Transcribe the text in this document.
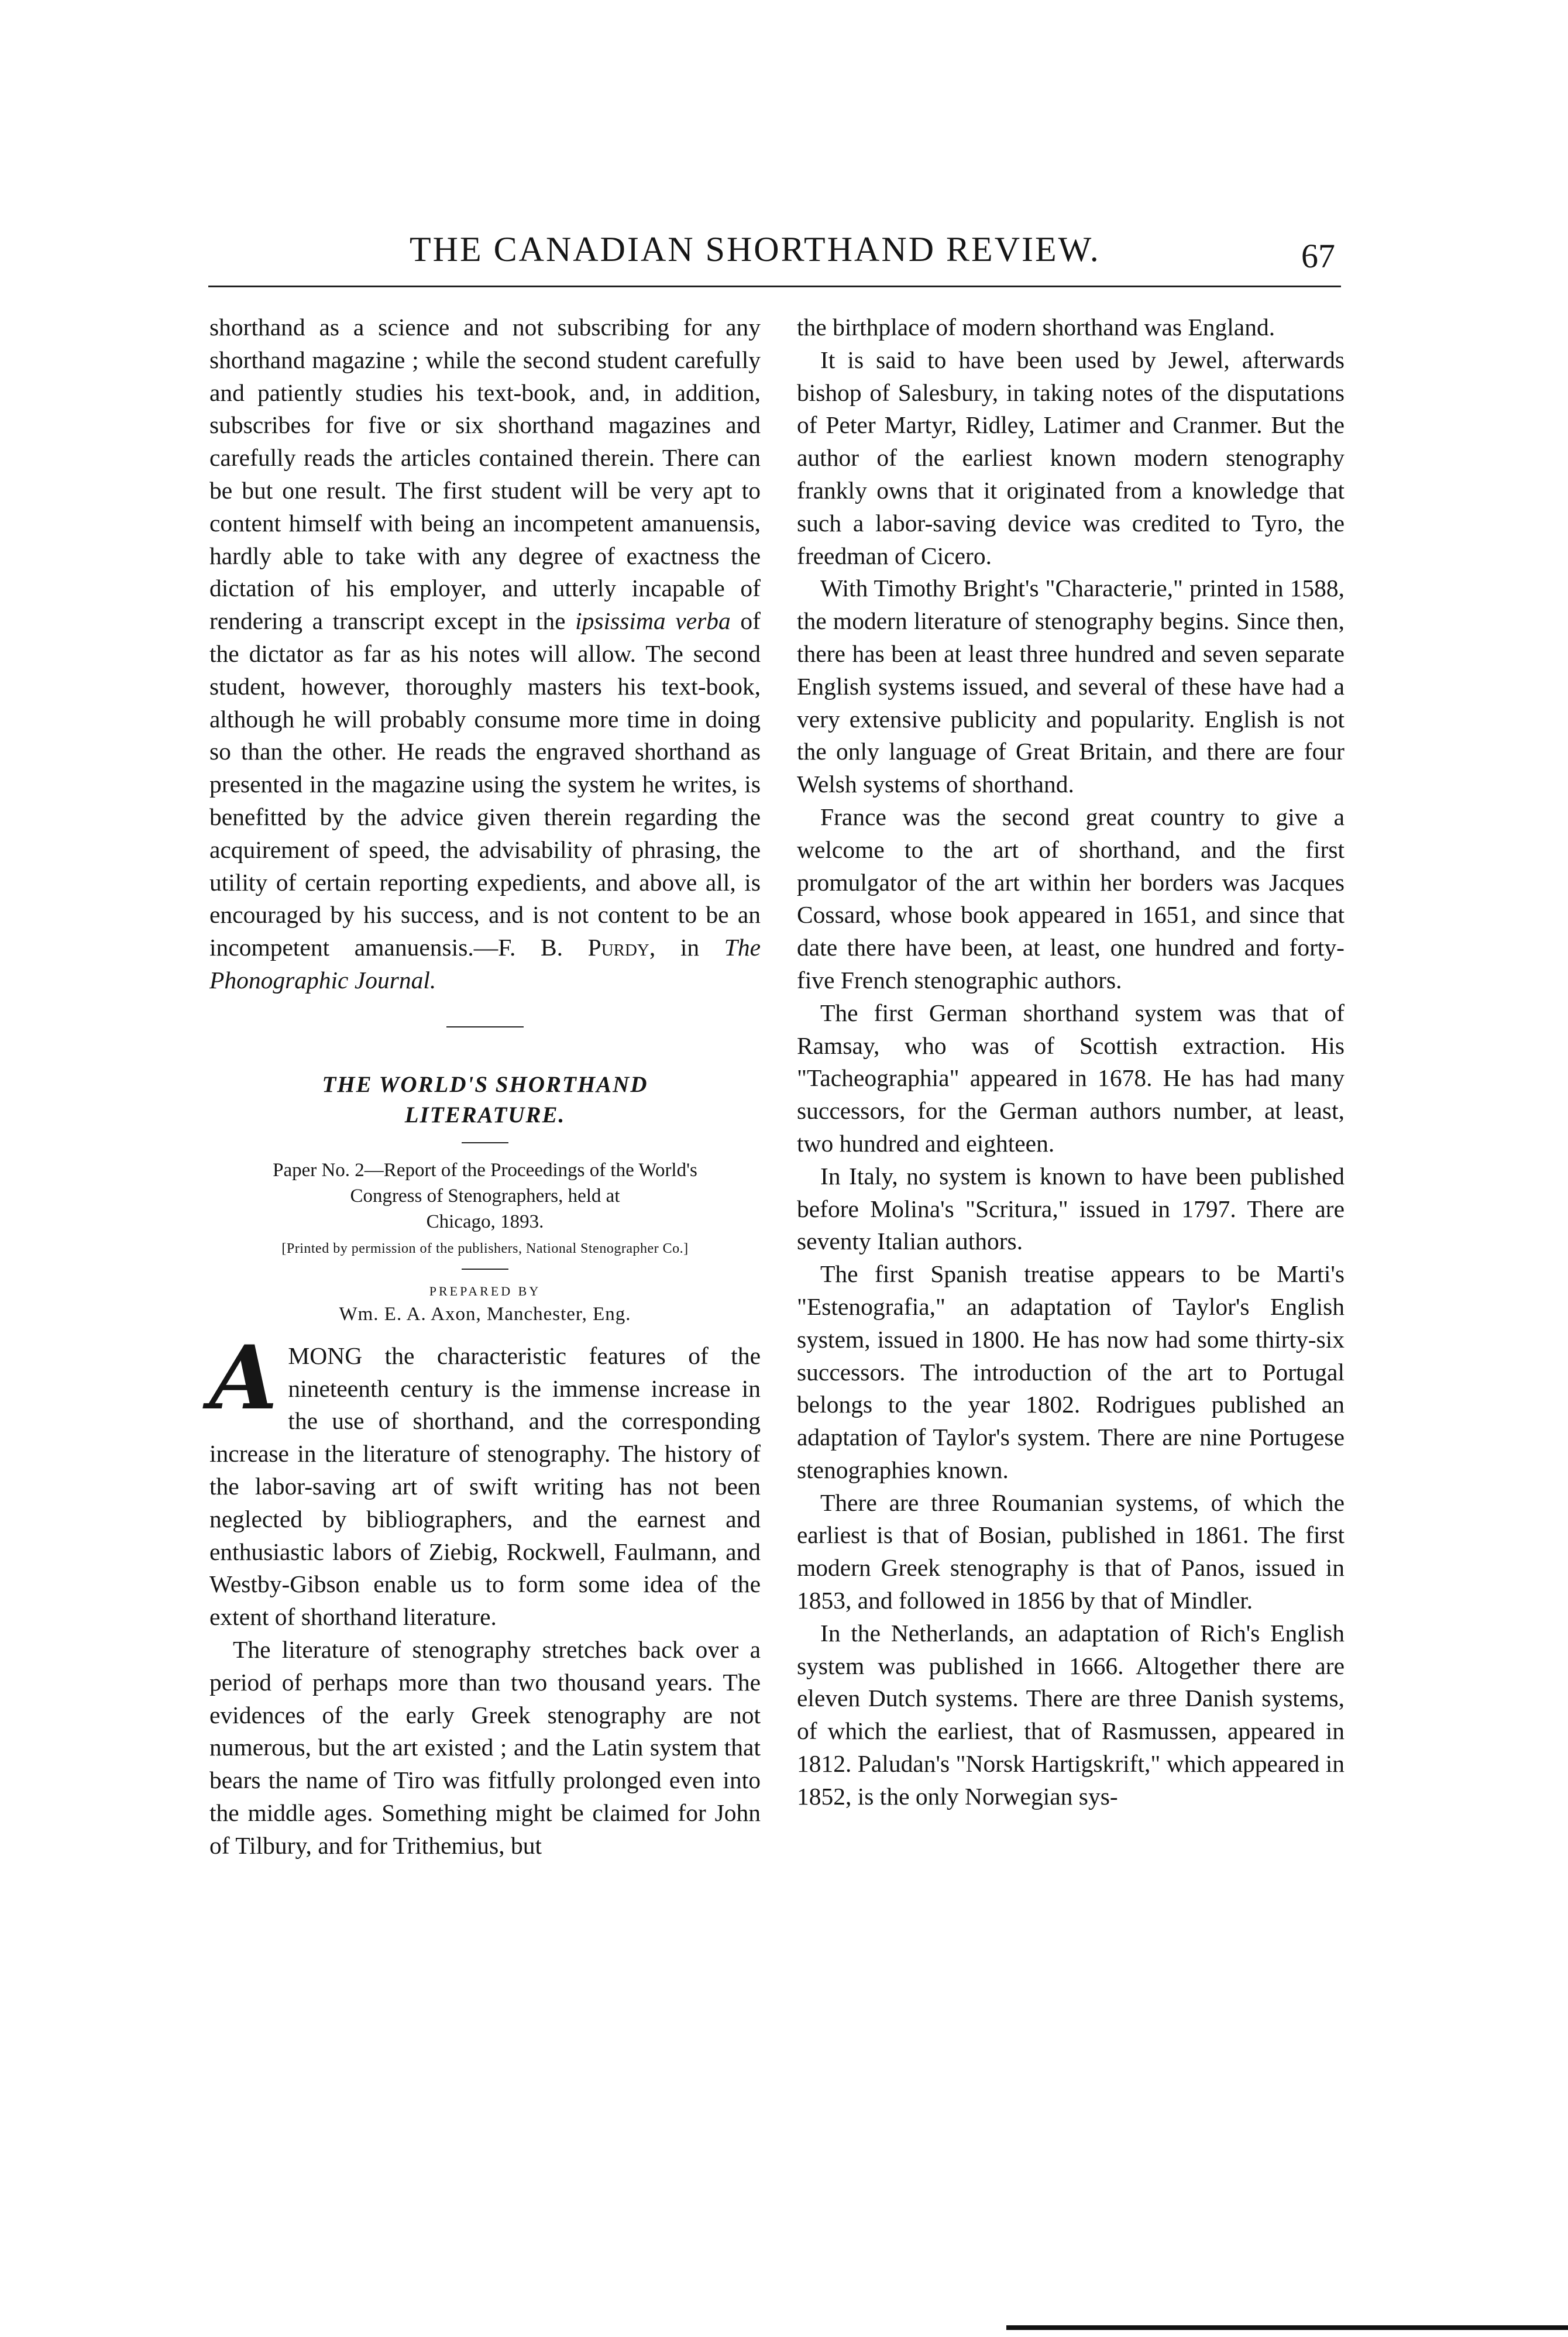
THE CANADIAN SHORTHAND REVIEW.	67

shorthand as a science and not subscribing for any shorthand magazine ; while the second student carefully and patiently studies his text-book, and, in addition, subscribes for five or six shorthand magazines and carefully reads the articles contained therein. There can be but one result. The first student will be very apt to content himself with being an incompetent amanuensis, hardly able to take with any degree of exactness the dictation of his employer, and utterly incapable of rendering a transcript except in the ipsissima verba of the dictator as far as his notes will allow. The second student, however, thoroughly masters his text-book, although he will probably consume more time in doing so than the other. He reads the engraved shorthand as presented in the magazine using the system he writes, is benefitted by the advice given therein regarding the acquirement of speed, the advisability of phrasing, the utility of certain reporting expedients, and above all, is encouraged by his success, and is not content to be an incompetent amanuensis.—F. B. Purdy, in The Phonographic Journal.

THE WORLD'S SHORTHAND
LITERATURE.
Paper No. 2—Report of the Proceedings of the World's
Congress of Stenographers, held at
Chicago, 1893.
[Printed by permission of the publishers, National Stenographer Co.]
PREPARED BY
Wm. E. A. Axon, Manchester, Eng.

AMONG the characteristic features of the nineteenth century is the immense increase in the use of shorthand, and the corresponding increase in the literature of stenography. The history of the labor-saving art of swift writing has not been neglected by bibliographers, and the earnest and enthusiastic labors of Ziebig, Rockwell, Faulmann, and Westby-Gibson enable us to form some idea of the extent of shorthand literature.

The literature of stenography stretches back over a period of perhaps more than two thousand years. The evidences of the early Greek stenography are not numerous, but the art existed ; and the Latin system that bears the name of Tiro was fitfully prolonged even into the middle ages. Something might be claimed for John of Tilbury, and for Trithemius, but

the birthplace of modern shorthand was England.

It is said to have been used by Jewel, afterwards bishop of Salesbury, in taking notes of the disputations of Peter Martyr, Ridley, Latimer and Cranmer. But the author of the earliest known modern stenography frankly owns that it originated from a knowledge that such a labor-saving device was credited to Tyro, the freedman of Cicero.

With Timothy Bright's "Characterie," printed in 1588, the modern literature of stenography begins. Since then, there has been at least three hundred and seven separate English systems issued, and several of these have had a very extensive publicity and popularity. English is not the only language of Great Britain, and there are four Welsh systems of shorthand.

France was the second great country to give a welcome to the art of shorthand, and the first promulgator of the art within her borders was Jacques Cossard, whose book appeared in 1651, and since that date there have been, at least, one hundred and forty-five French stenographic authors.

The first German shorthand system was that of Ramsay, who was of Scottish extraction. His "Tacheographia" appeared in 1678. He has had many successors, for the German authors number, at least, two hundred and eighteen.

In Italy, no system is known to have been published before Molina's "Scritura," issued in 1797. There are seventy Italian authors.

The first Spanish treatise appears to be Marti's "Estenografia," an adaptation of Taylor's English system, issued in 1800. He has now had some thirty-six successors. The introduction of the art to Portugal belongs to the year 1802. Rodrigues published an adaptation of Taylor's system. There are nine Portugese stenographies known.

There are three Roumanian systems, of which the earliest is that of Bosian, published in 1861. The first modern Greek stenography is that of Panos, issued in 1853, and followed in 1856 by that of Mindler.

In the Netherlands, an adaptation of Rich's English system was published in 1666. Altogether there are eleven Dutch systems. There are three Danish systems, of which the earliest, that of Rasmussen, appeared in 1812. Paludan's "Norsk Hartigskrift," which appeared in 1852, is the only Norwegian sys-
